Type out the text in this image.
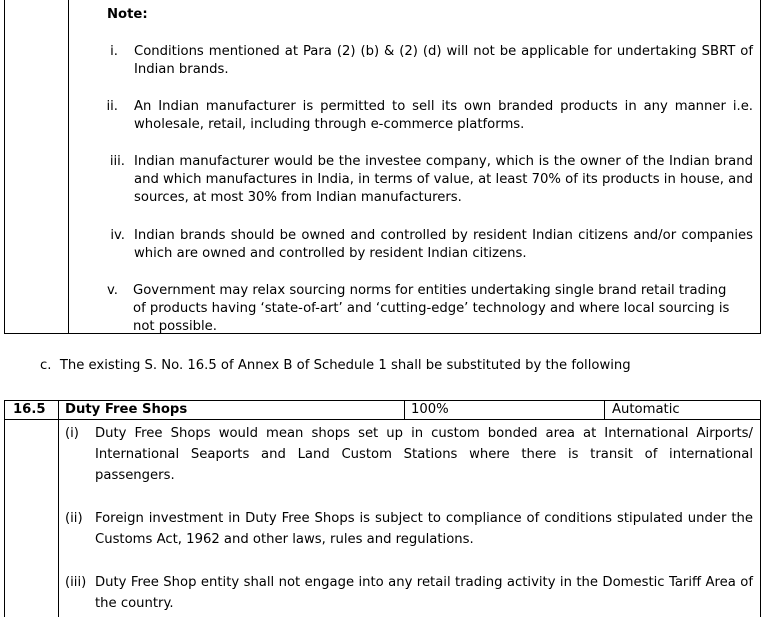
Note:
i. Conditions mentioned at Para (2) (b) & (2) (d) will not be applicable for undertaking SBRT of Indian brands.
ii. An Indian manufacturer is permitted to sell its own branded products in any manner i.e. wholesale, retail, including through e-commerce platforms.
iii. Indian manufacturer would be the investee company, which is the owner of the Indian brand and which manufactures in India, in terms of value, at least 70% of its products in house, and sources, at most 30% from Indian manufacturers.
iv. Indian brands should be owned and controlled by resident Indian citizens and/or companies which are owned and controlled by resident Indian citizens.
v. Government may relax sourcing norms for entities undertaking single brand retail trading of products having ‘state-of-art’ and ‘cutting-edge’ technology and where local sourcing is not possible.
c.  The existing S. No. 16.5 of Annex B of Schedule 1 shall be substituted by the following
16.5 Duty Free Shops	100%	Automatic
(i)	Duty Free Shops would mean shops set up in custom bonded area at International Airports/ International Seaports and Land Custom Stations where there is transit of international passengers.
(ii) Foreign investment in Duty Free Shops is subject to compliance of conditions stipulated under the Customs Act, 1962 and other laws, rules and regulations.
(iii) Duty Free Shop entity shall not engage into any retail trading activity in the Domestic Tariff Area of the country.
